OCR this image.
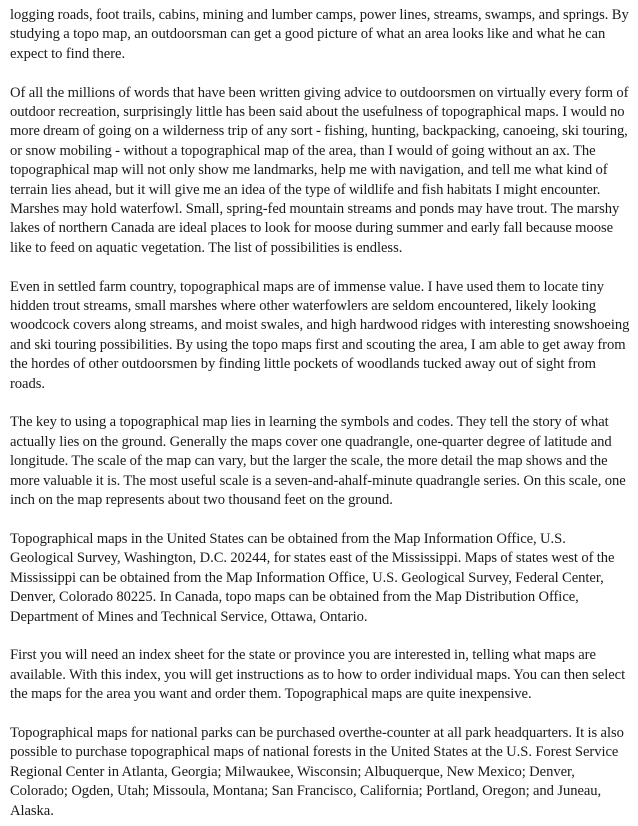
logging roads, foot trails, cabins, mining and lumber camps, power lines, streams, swamps, and springs. By studying a topo map, an outdoorsman can get a good picture of what an area looks like and what he can expect to find there.

Of all the millions of words that have been written giving advice to outdoorsmen on virtually every form of outdoor recreation, surprisingly little has been said about the usefulness of topographical maps. I would no more dream of going on a wilderness trip of any sort - fishing, hunting, backpacking, canoeing, ski touring, or snow mobiling - without a topographical map of the area, than I would of going without an ax. The topographical map will not only show me landmarks, help me with navigation, and tell me what kind of terrain lies ahead, but it will give me an idea of the type of wildlife and fish habitats I might encounter. Marshes may hold waterfowl. Small, spring-fed mountain streams and ponds may have trout. The marshy lakes of northern Canada are ideal places to look for moose during summer and early fall because moose like to feed on aquatic vegetation. The list of possibilities is endless.

Even in settled farm country, topographical maps are of immense value. I have used them to locate tiny hidden trout streams, small marshes where other waterfowlers are seldom encountered, likely looking woodcock covers along streams, and moist swales, and high hardwood ridges with interesting snowshoeing and ski touring possibilities. By using the topo maps first and scouting the area, I am able to get away from the hordes of other outdoorsmen by finding little pockets of woodlands tucked away out of sight from roads.

The key to using a topographical map lies in learning the symbols and codes. They tell the story of what actually lies on the ground. Generally the maps cover one quadrangle, one-quarter degree of latitude and longitude. The scale of the map can vary, but the larger the scale, the more detail the map shows and the more valuable it is. The most useful scale is a seven-and-ahalf-minute quadrangle series. On this scale, one inch on the map represents about two thousand feet on the ground.

Topographical maps in the United States can be obtained from the Map Information Office, U.S. Geological Survey, Washington, D.C. 20244, for states east of the Mississippi. Maps of states west of the Mississippi can be obtained from the Map Information Office, U.S. Geological Survey, Federal Center, Denver, Colorado 80225. In Canada, topo maps can be obtained from the Map Distribution Office, Department of Mines and Technical Service, Ottawa, Ontario.

First you will need an index sheet for the state or province you are interested in, telling what maps are available. With this index, you will get instructions as to how to order individual maps. You can then select the maps for the area you want and order them. Topographical maps are quite inexpensive.

Topographical maps for national parks can be purchased overthe-counter at all park headquarters. It is also possible to purchase topographical maps of national forests in the United States at the U.S. Forest Service Regional Center in Atlanta, Georgia; Milwaukee, Wisconsin; Albuquerque, New Mexico; Denver, Colorado; Ogden, Utah; Missoula, Montana; San Francisco, California; Portland, Oregon; and Juneau, Alaska.
